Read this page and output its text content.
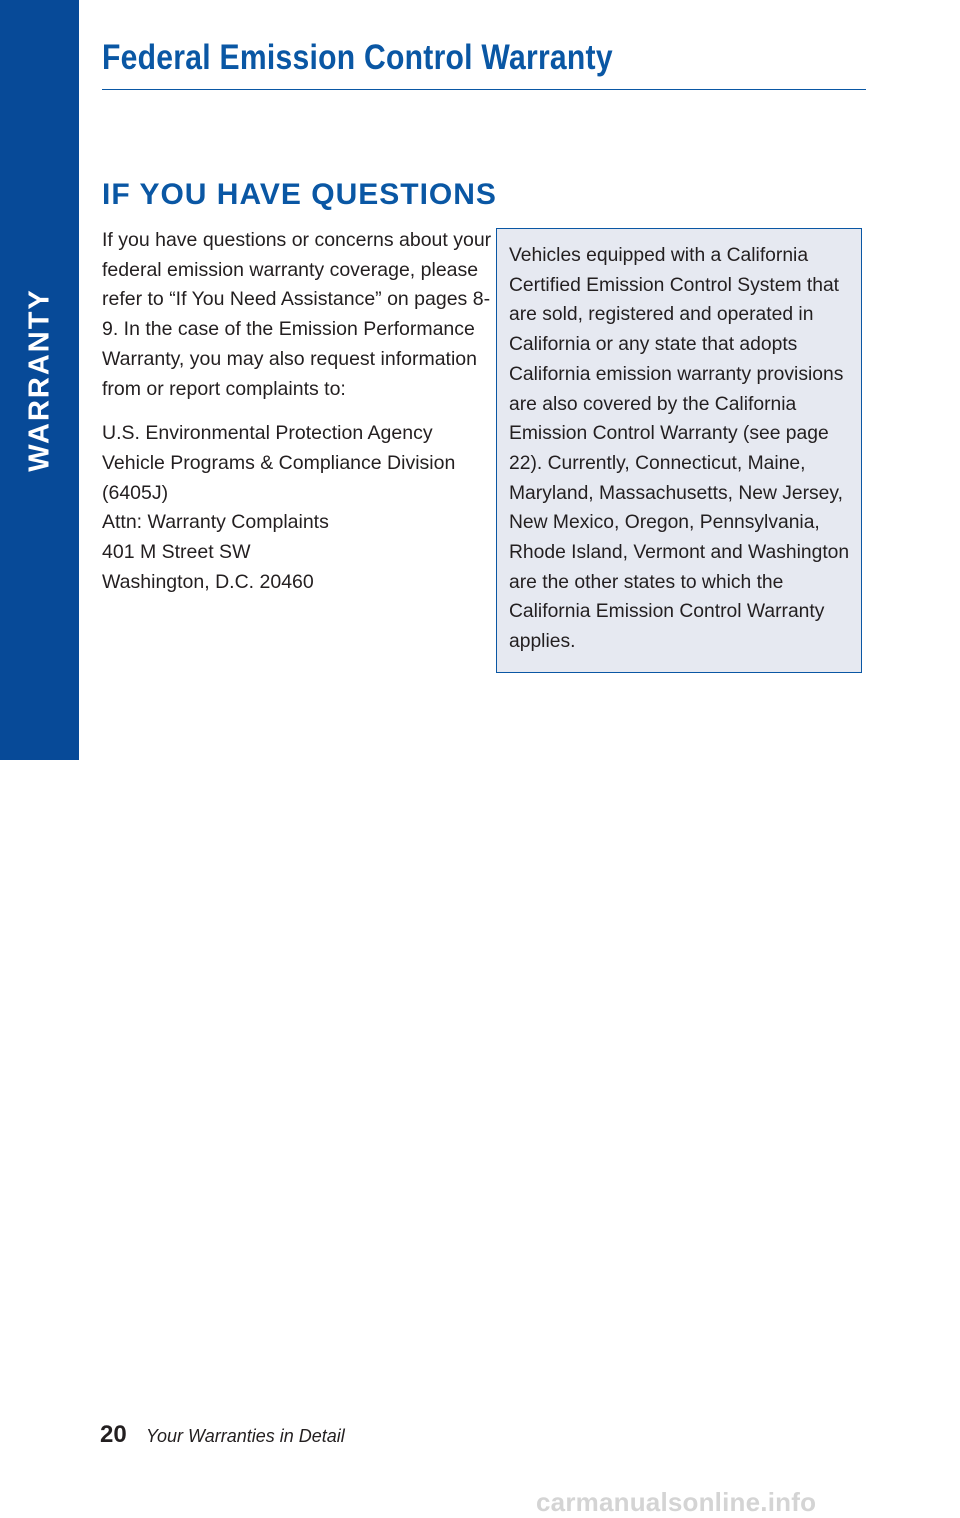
WARRANTY
Federal Emission Control Warranty
IF YOU HAVE QUESTIONS

If you have questions or concerns about your federal emission warranty coverage, please refer to “If You Need Assistance” on pages 8-9. In the case of the Emission Performance Warranty, you may also request information from or report complaints to:

U.S. Environmental Protection Agency
Vehicle Programs & Compliance Division
(6405J)
Attn: Warranty Complaints
401 M Street SW
Washington, D.C. 20460

Vehicles equipped with a California Certified Emission Control System that are sold, registered and operated in California or any state that adopts California emission warranty provisions are also covered by the California Emission Control Warranty (see page 22). Currently, Connecticut, Maine, Maryland, Massachusetts, New Jersey, New Mexico, Oregon, Pennsylvania, Rhode Island, Vermont and Washington are the other states to which the California Emission Control Warranty applies.

20 Your Warranties in Detail
carmanualsonline.info
